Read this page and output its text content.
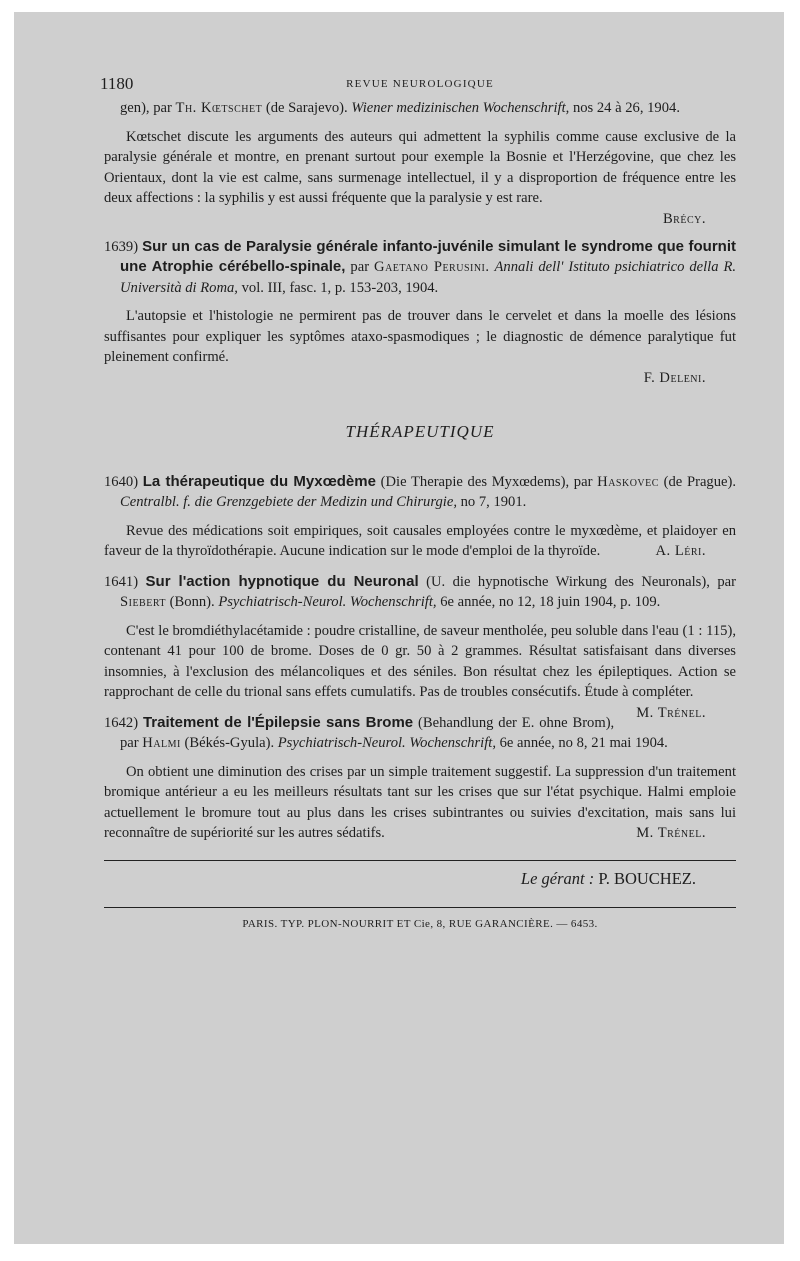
1180	REVUE NEUROLOGIQUE

gen), par Th. Kœtschet (de Sarajevo). Wiener medizinischen Wochenschrift, nos 24 à 26, 1904.

Kœtschet discute les arguments des auteurs qui admettent la syphilis comme cause exclusive de la paralysie générale et montre, en prenant surtout pour exemple la Bosnie et l'Herzégovine, que chez les Orientaux, dont la vie est calme, sans surmenage intellectuel, il y a disproportion de fréquence entre les deux affections : la syphilis y est aussi fréquente que la paralysie y est rare.

Brécy.

1639) Sur un cas de Paralysie générale infanto-juvénile simulant le syndrome que fournit une Atrophie cérébello-spinale, par Gaetano Perusini. Annali dell' Istituto psichiatrico della R. Università di Roma, vol. III, fasc. 1, p. 153-203, 1904.

L'autopsie et l'histologie ne permirent pas de trouver dans le cervelet et dans la moelle des lésions suffisantes pour expliquer les syptômes ataxo-spasmodiques ; le diagnostic de démence paralytique fut pleinement confirmé.

F. Deleni.
THÉRAPEUTIQUE

1640) La thérapeutique du Myxœdème (Die Therapie des Myxœdems), par Haskovec (de Prague). Centralbl. f. die Grenzgebiete der Medizin und Chirurgie, no 7, 1901.

Revue des médications soit empiriques, soit causales employées contre le myxœdème, et plaidoyer en faveur de la thyroïdothérapie. Aucune indication sur le mode d'emploi de la thyroïde.	A. Léri.

1641) Sur l'action hypnotique du Neuronal (U. die hypnotische Wirkung des Neuronals), par Siebert (Bonn). Psychiatrisch-Neurol. Wochenschrift, 6e année, no 12, 18 juin 1904, p. 109.

C'est le bromdiéthylacétamide : poudre cristalline, de saveur mentholée, peu soluble dans l'eau (1 : 115), contenant 41 pour 100 de brome. Doses de 0 gr. 50 à 2 grammes. Résultat satisfaisant dans diverses insomnies, à l'exclusion des mélancoliques et des séniles. Bon résultat chez les épileptiques. Action se rapprochant de celle du trional sans effets cumulatifs. Pas de troubles consécutifs. Étude à compléter.
M. Trénel.

1642) Traitement de l'Épilepsie sans Brome (Behandlung der E. ohne Brom), par Halmi (Békés-Gyula). Psychiatrisch-Neurol. Wochenschrift, 6e année, no 8, 21 mai 1904.

On obtient une diminution des crises par un simple traitement suggestif. La suppression d'un traitement bromique antérieur a eu les meilleurs résultats tant sur les crises que sur l'état psychique. Halmi emploie actuellement le bromure tout au plus dans les crises subintrantes ou suivies d'excitation, mais sans lui reconnaître de supériorité sur les autres sédatifs.	M. Trénel.

Le gérant : P. BOUCHEZ.
PARIS. TYP. PLON-NOURRIT ET Cie, 8, RUE GARANCIÈRE. — 6453.
